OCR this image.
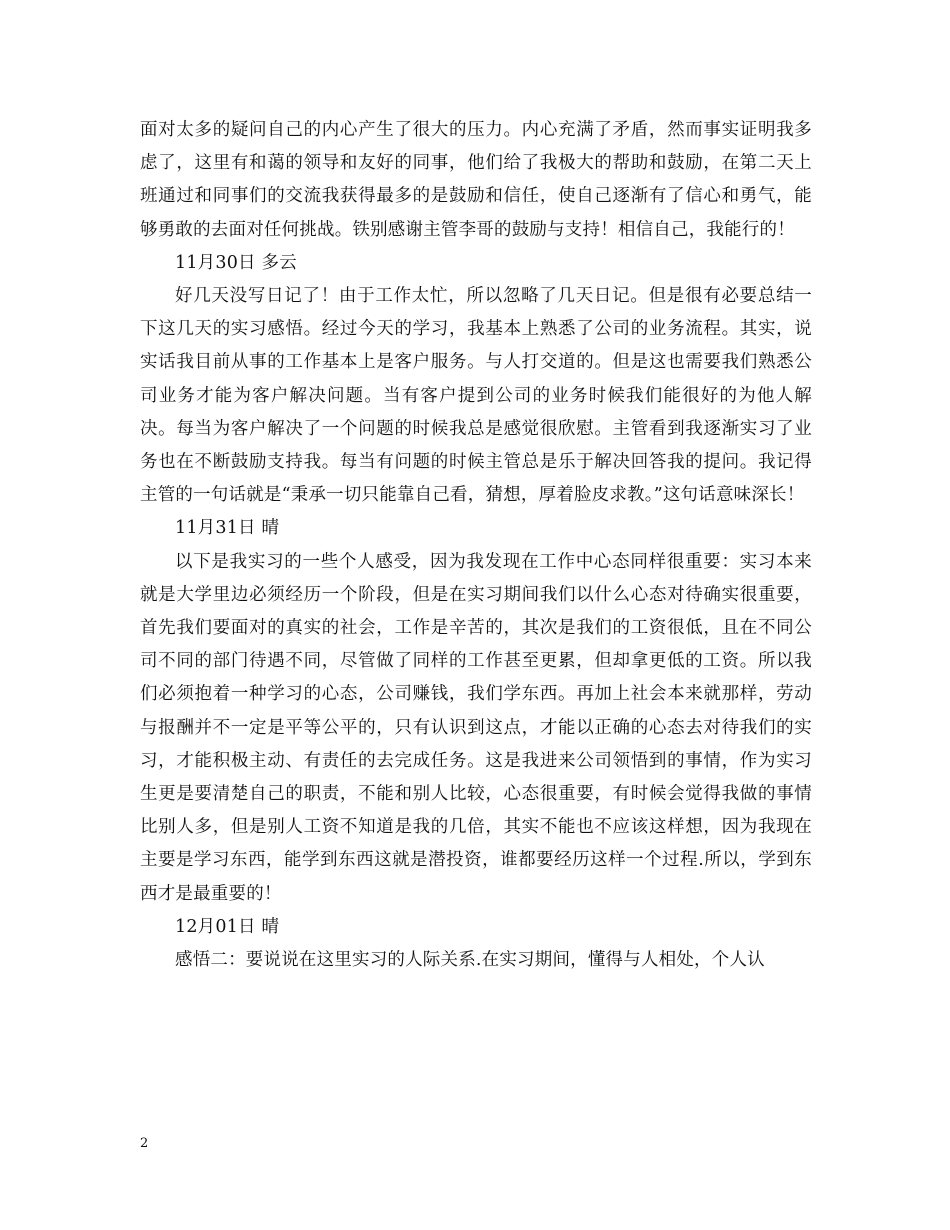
面对太多的疑问自己的内心产生了很大的压力。内心充满了矛盾，然而事实证明我多虑了，这里有和蔼的领导和友好的同事，他们给了我极大的帮助和鼓励，在第二天上班通过和同事们的交流我获得最多的是鼓励和信任，使自己逐渐有了信心和勇气，能够勇敢的去面对任何挑战。铁别感谢主管李哥的鼓励与支持！相信自己，我能行的！

11月30日 多云

好几天没写日记了！由于工作太忙，所以忽略了几天日记。但是很有必要总结一下这几天的实习感悟。经过今天的学习，我基本上熟悉了公司的业务流程。其实，说实话我目前从事的工作基本上是客户服务。与人打交道的。但是这也需要我们熟悉公司业务才能为客户解决问题。当有客户提到公司的业务时候我们能很好的为他人解决。每当为客户解决了一个问题的时候我总是感觉很欣慰。主管看到我逐渐实习了业务也在不断鼓励支持我。每当有问题的时候主管总是乐于解决回答我的提问。我记得主管的一句话就是“秉承一切只能靠自己看，猜想，厚着脸皮求教。”这句话意味深长！

11月31日 晴

以下是我实习的一些个人感受，因为我发现在工作中心态同样很重要：实习本来就是大学里边必须经历一个阶段，但是在实习期间我们以什么心态对待确实很重要，首先我们要面对的真实的社会，工作是辛苦的，其次是我们的工资很低，且在不同公司不同的部门待遇不同，尽管做了同样的工作甚至更累，但却拿更低的工资。所以我们必须抱着一种学习的心态，公司赚钱，我们学东西。再加上社会本来就那样，劳动与报酬并不一定是平等公平的，只有认识到这点，才能以正确的心态去对待我们的实习，才能积极主动、有责任的去完成任务。这是我进来公司领悟到的事情，作为实习生更是要清楚自己的职责，不能和别人比较，心态很重要，有时候会觉得我做的事情比别人多，但是别人工资不知道是我的几倍，其实不能也不应该这样想，因为我现在主要是学习东西，能学到东西这就是潜投资，谁都要经历这样一个过程.所以，学到东西才是最重要的！

12月01日 晴

感悟二：要说说在这里实习的人际关系.在实习期间，懂得与人相处，个人认

2
